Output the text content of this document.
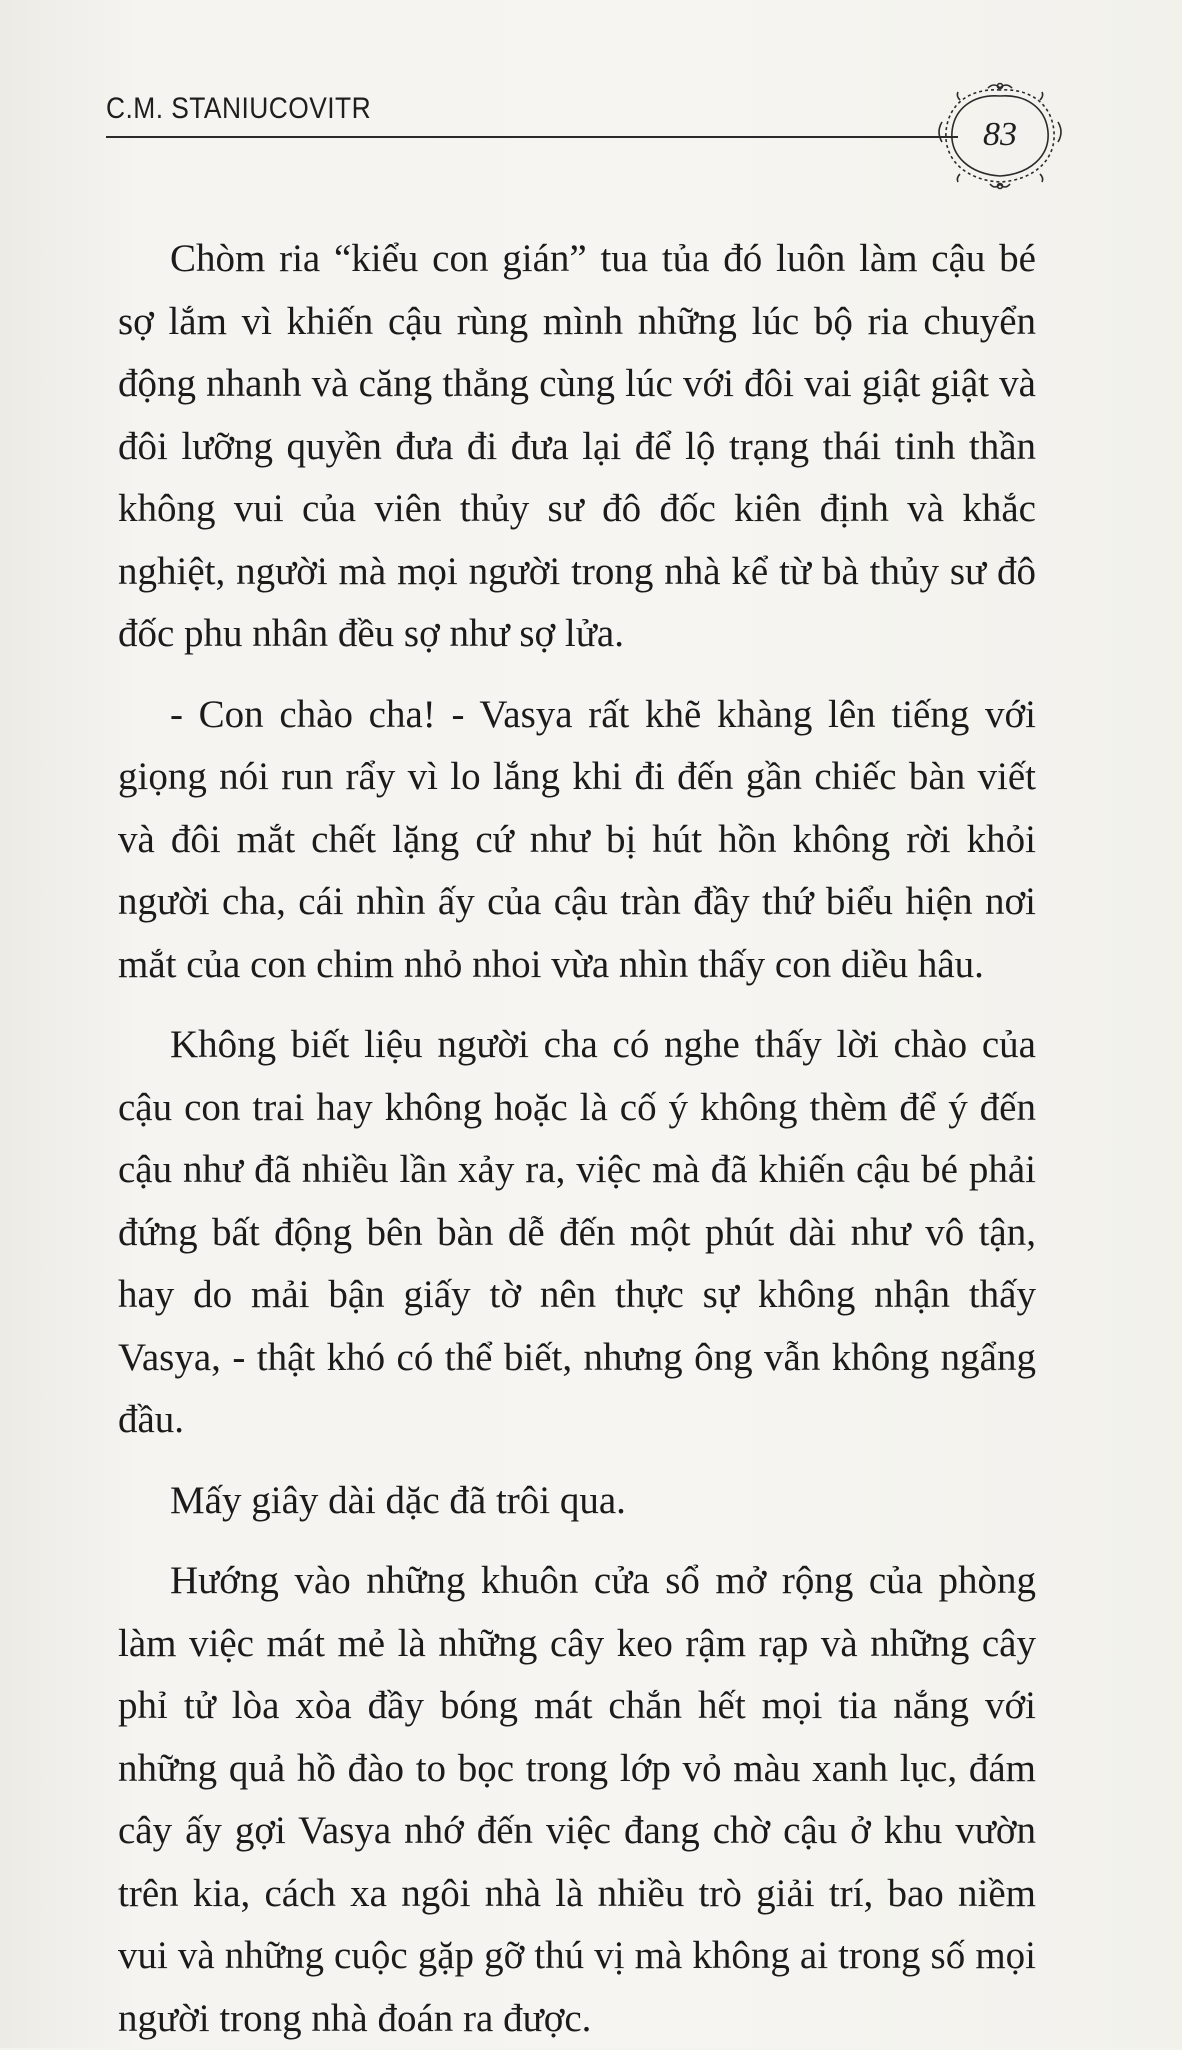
C.M. STANIUCOVITR
83

Chòm ria “kiểu con gián” tua tủa đó luôn làm cậu bé sợ lắm vì khiến cậu rùng mình những lúc bộ ria chuyển động nhanh và căng thẳng cùng lúc với đôi vai giật giật và đôi lưỡng quyền đưa đi đưa lại để lộ trạng thái tinh thần không vui của viên thủy sư đô đốc kiên định và khắc nghiệt, người mà mọi người trong nhà kể từ bà thủy sư đô đốc phu nhân đều sợ như sợ lửa.

- Con chào cha! - Vasya rất khẽ khàng lên tiếng với giọng nói run rẩy vì lo lắng khi đi đến gần chiếc bàn viết và đôi mắt chết lặng cứ như bị hút hồn không rời khỏi người cha, cái nhìn ấy của cậu tràn đầy thứ biểu hiện nơi mắt của con chim nhỏ nhoi vừa nhìn thấy con diều hâu.

Không biết liệu người cha có nghe thấy lời chào của cậu con trai hay không hoặc là cố ý không thèm để ý đến cậu như đã nhiều lần xảy ra, việc mà đã khiến cậu bé phải đứng bất động bên bàn dễ đến một phút dài như vô tận, hay do mải bận giấy tờ nên thực sự không nhận thấy Vasya, - thật khó có thể biết, nhưng ông vẫn không ngẩng đầu.

Mấy giây dài dặc đã trôi qua.

Hướng vào những khuôn cửa sổ mở rộng của phòng làm việc mát mẻ là những cây keo rậm rạp và những cây phỉ tử lòa xòa đầy bóng mát chắn hết mọi tia nắng với những quả hồ đào to bọc trong lớp vỏ màu xanh lục, đám cây ấy gợi Vasya nhớ đến việc đang chờ cậu ở khu vườn trên kia, cách xa ngôi nhà là nhiều trò giải trí, bao niềm vui và những cuộc gặp gỡ thú vị mà không ai trong số mọi người trong nhà đoán ra được.
